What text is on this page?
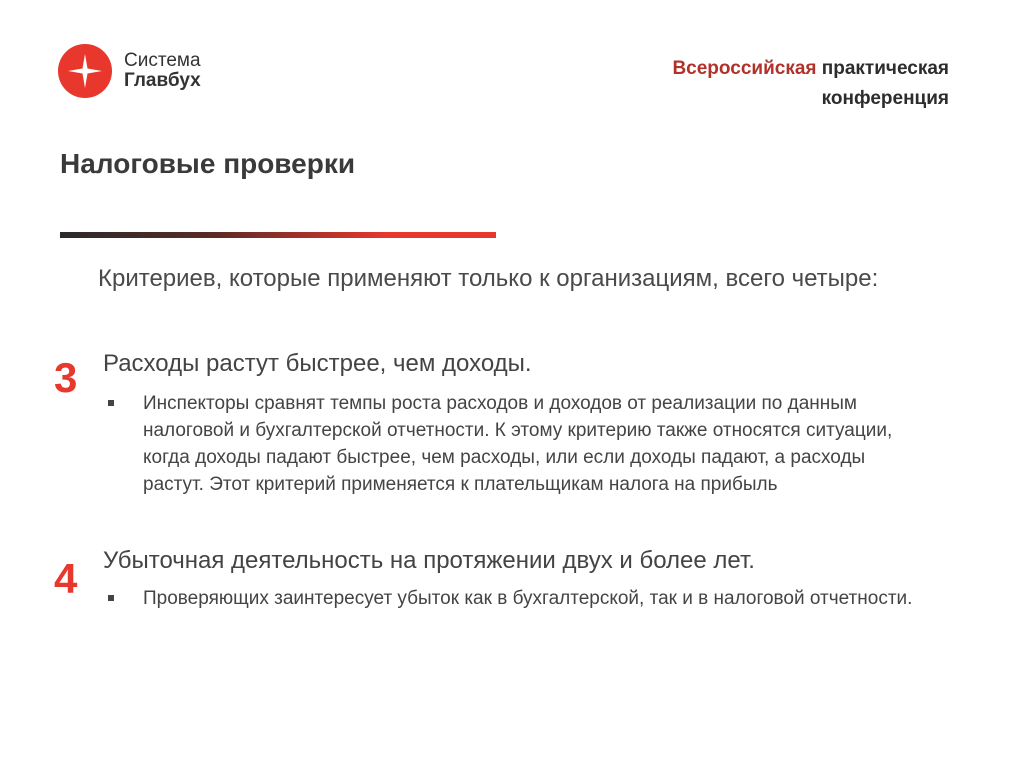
Система
Главбух
Всероссийская практическая
конференция
Налоговые проверки

Критериев, которые применяют только к организациям, всего четыре:

3 Расходы растут быстрее, чем доходы.

Инспекторы сравнят темпы роста расходов и доходов от реализации по данным налоговой и бухгалтерской отчетности. К этому критерию также относятся ситуации, когда доходы падают быстрее, чем расходы, или если доходы падают, а расходы растут. Этот критерий применяется к плательщикам налога на прибыль
4 Убыточная деятельность на протяжении двух и более лет.

Проверяющих заинтересует убыток как в бухгалтерской, так и в налоговой отчетности.
